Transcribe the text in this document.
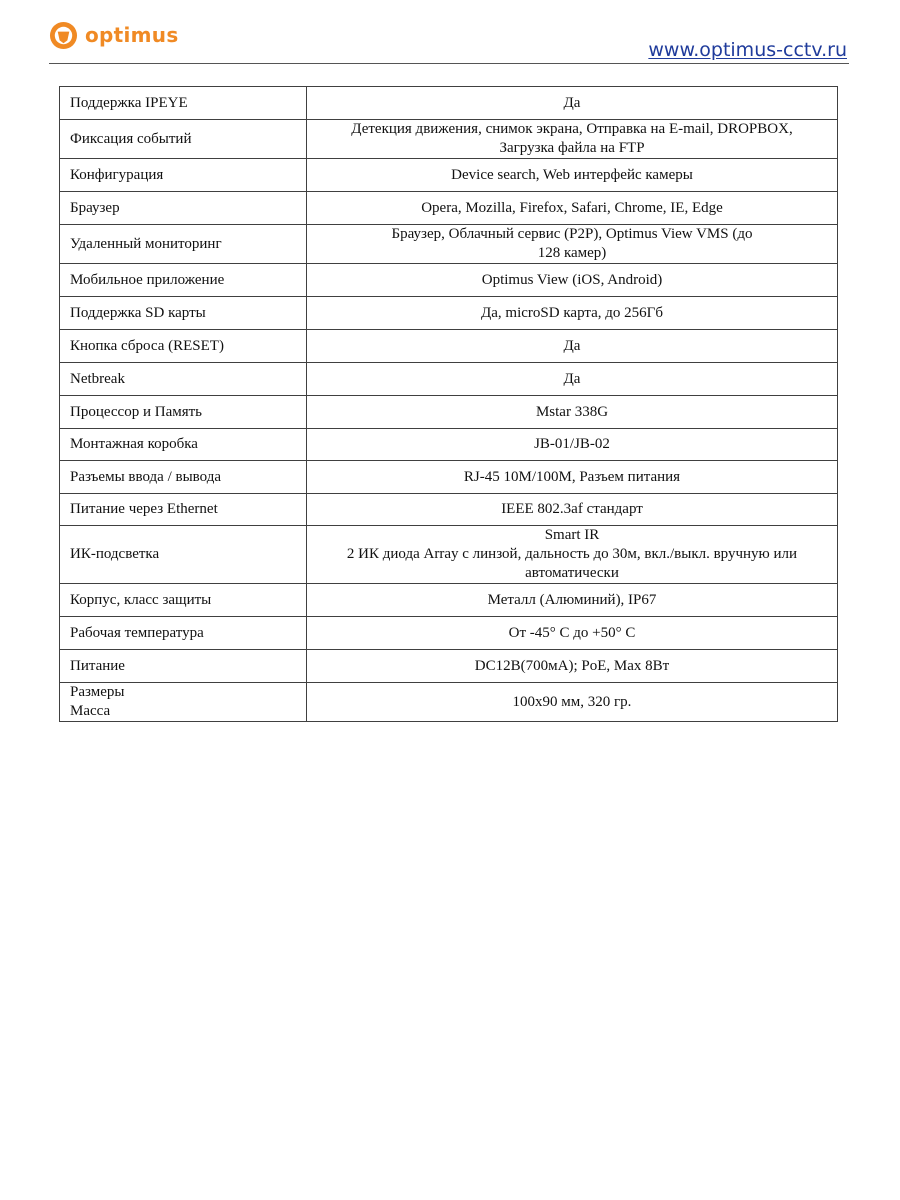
optimus
www.optimus-cctv.ru
Поддержка IPEYE	Да

Фиксация событий	Детекция движения, снимок экрана, Отправка на E-mail, DROPBOX,
Загрузка файла на FTP

Конфигурация	Device search, Web интерфейс камеры

Браузер	Opera, Mozilla, Firefox, Safari, Chrome, IE, Edge

Удаленный мониторинг	Браузер, Облачный сервис (P2P), Optimus View VMS (до
128 камер)

Мобильное приложение	Optimus View (iOS, Android)

Поддержка SD карты	Да, microSD карта, до 256Гб

Кнопка сброса (RESET)	Да

Netbreak	Да

Процессор и Память	Mstar 338G

Монтажная коробка	JB-01/JB-02

Разъемы ввода / вывода	RJ-45 10M/100M, Разъем питания

Питание через Ethernet	IEEE 802.3af стандарт

ИК-подсветка	Smart IR
2 ИК диода Array с линзой, дальность до 30м, вкл./выкл. вручную или
автоматически

Корпус, класс защиты	Металл (Алюминий), IP67

Рабочая температура	От -45° C до +50° C

Питание	DC12В(700мА); PoE, Max 8Вт

Размеры
Масса	100x90 мм, 320 гр.
